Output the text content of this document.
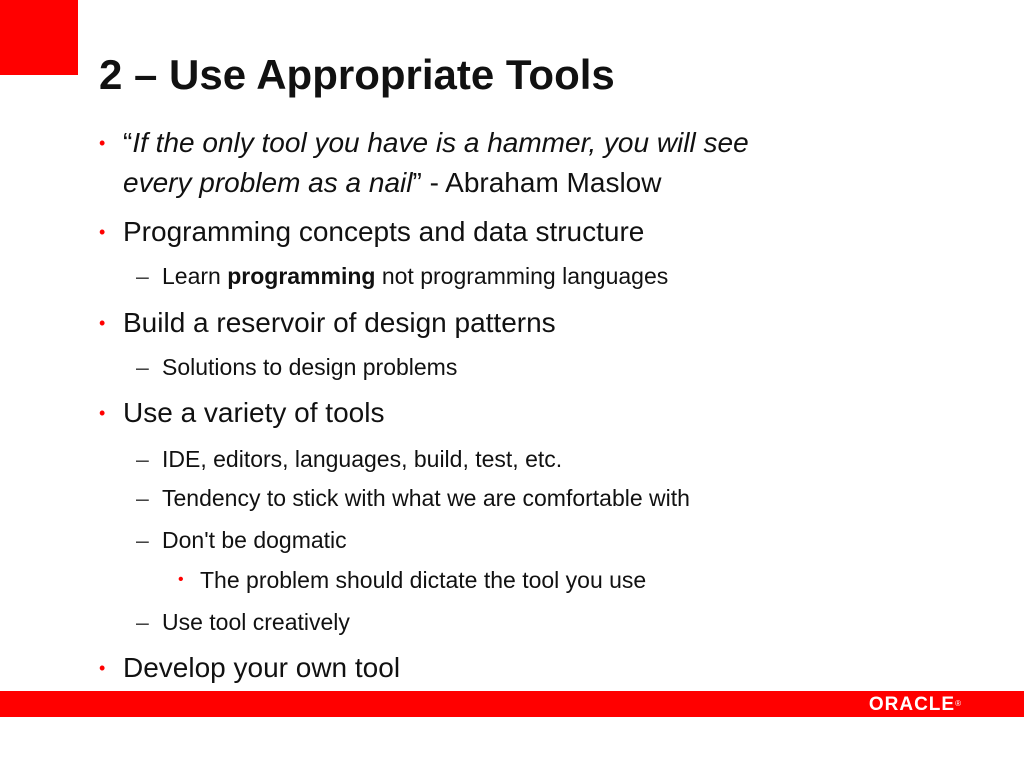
2 – Use Appropriate Tools
• “If the only tool you have is a hammer, you will see
every problem as a nail” - Abraham Maslow
• Programming concepts and data structure
– Learn programming not programming languages
• Build a reservoir of design patterns
– Solutions to design problems
• Use a variety of tools
– IDE, editors, languages, build, test, etc.
– Tendency to stick with what we are comfortable with
– Don't be dogmatic
• The problem should dictate the tool you use
– Use tool creatively
• Develop your own tool
ORACLE®
